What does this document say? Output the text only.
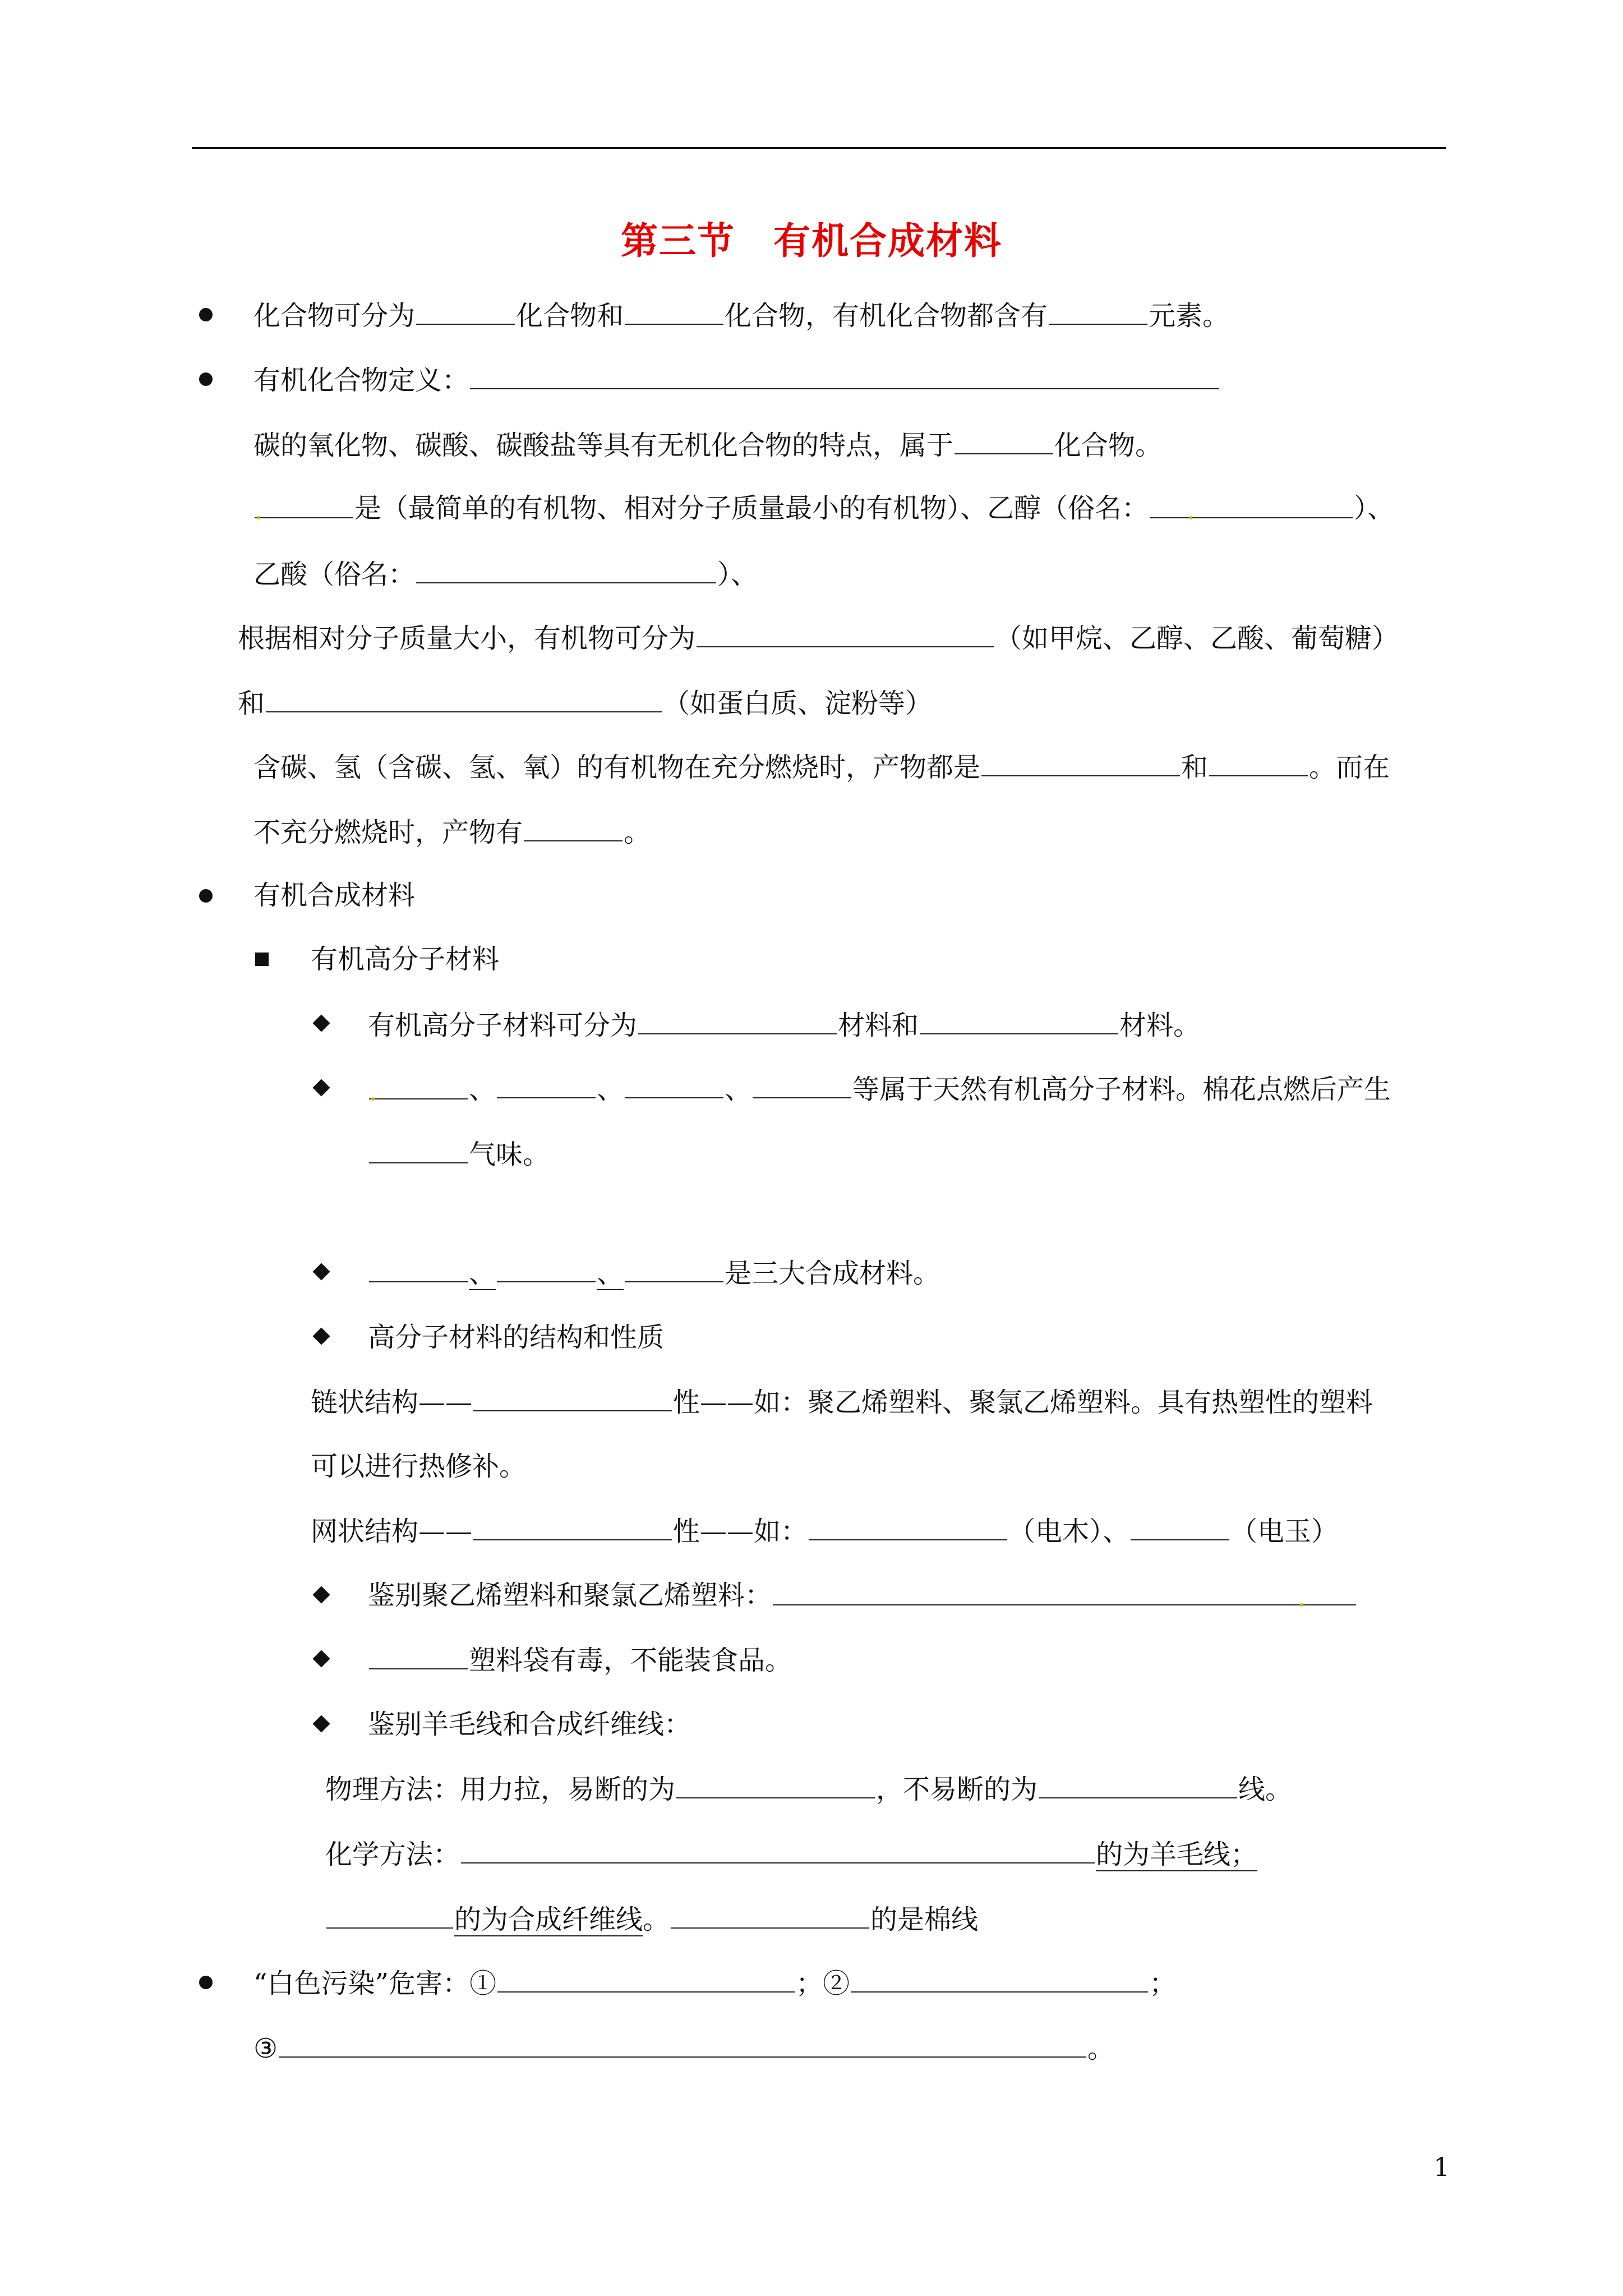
第三节　有机合成材料
化合物可分为	化合物和	化合物，有机化合物都含有	元素。
有机化合物定义：
碳的氧化物、碳酸、碳酸盐等具有无机化合物的特点，属于	化合物。
是（最简单的有机物、相对分子质量最小的有机物）、乙醇（俗名：	）、
乙酸（俗名：	）、
根据相对分子质量大小，有机物可分为	（如甲烷、乙醇、乙酸、葡萄糖）
和	（如蛋白质、淀粉等）
含碳、氢（含碳、氢、氧）的有机物在充分燃烧时，产物都是	和	。而在
不充分燃烧时，产物有	。
有机合成材料
有机高分子材料
有机高分子材料可分为	材料和	材料。
、	、	、	等属于天然有机高分子材料。棉花点燃后产生
气味。
、	、	是三大合成材料。
高分子材料的结构和性质
链状结构——	性——如：聚乙烯塑料、聚氯乙烯塑料。具有热塑性的塑料
可以进行热修补。
网状结构——	性——如：	（电木）、	（电玉）
鉴别聚乙烯塑料和聚氯乙烯塑料：
塑料袋有毒，不能装食品。
鉴别羊毛线和合成纤维线：
物理方法：用力拉，易断的为	，不易断的为	线。
化学方法：	的为羊毛线；
的为合成纤维线。	的是棉线
“白色污染”危害：①	；②	；
③	。
1
